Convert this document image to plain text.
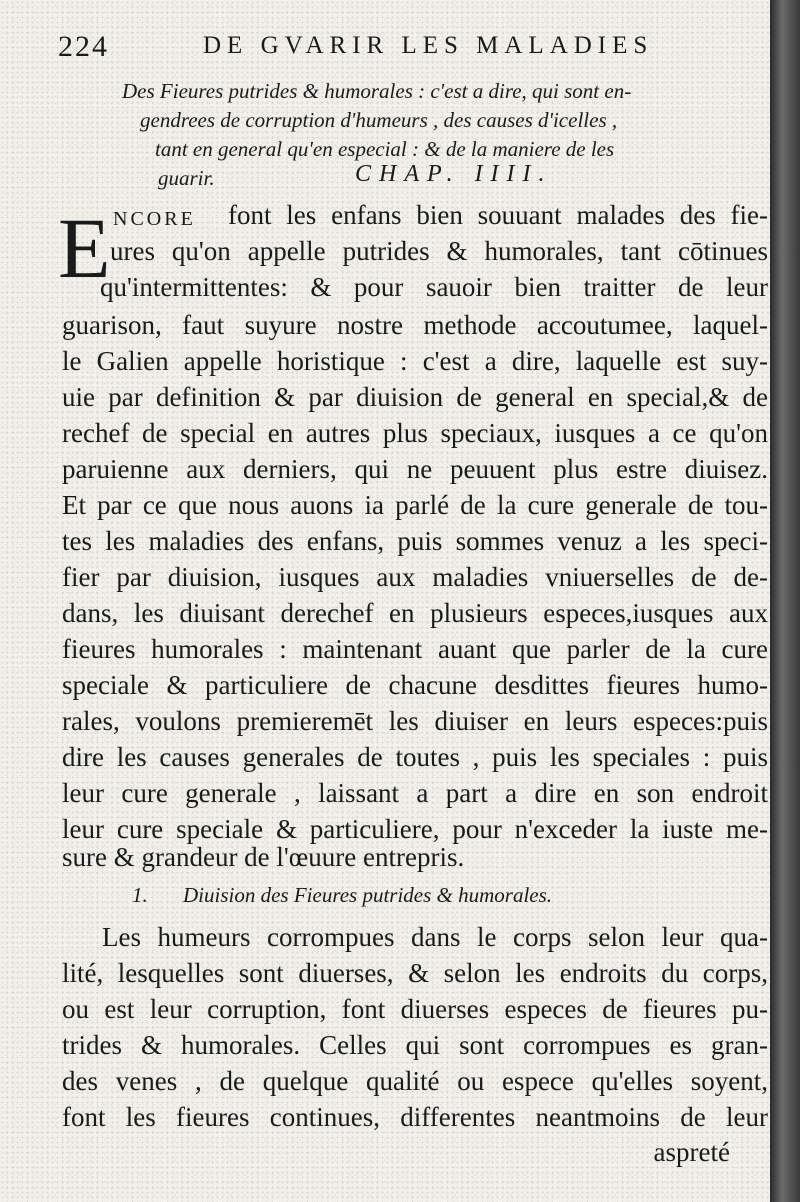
224	DE GVARIR LES MALADIES
Des Fieures putrides & humorales : c'est a dire, qui sont en-
gendrees de corruption d'humeurs , des causes d'icelles ,
tant en general qu'en especial : & de la maniere de les
guarir.	CHAP. IIII.
E NCORE	font les enfans bien souuant malades des fie-
ures qu'on appelle putrides & humorales, tant cōtinues
qu'intermittentes: & pour sauoir bien traitter de leur
guarison, faut suyure nostre methode accoutumee, laquel-
le Galien appelle horistique : c'est a dire, laquelle est suy-
uie par definition & par diuision de general en special,& de
rechef de special en autres plus speciaux, iusques a ce qu'on
paruienne aux derniers, qui ne peuuent plus estre diuisez.
Et par ce que nous auons ia parlé de la cure generale de tou-
tes les maladies des enfans, puis sommes venuz a les speci-
fier par diuision, iusques aux maladies vniuerselles de de-
dans, les diuisant derechef en plusieurs especes,iusques aux
fieures humorales : maintenant auant que parler de la cure
speciale & particuliere de chacune desdittes fieures humo-
rales, voulons premieremēt les diuiser en leurs especes:puis
dire les causes generales de toutes , puis les speciales : puis
leur cure generale , laissant a part a dire en son endroit
leur cure speciale & particuliere, pour n'exceder la iuste me-
sure & grandeur de l'œuure entrepris.
1. Diuision des Fieures putrides & humorales.
Les humeurs corrompues dans le corps selon leur qua-
lité, lesquelles sont diuerses, & selon les endroits du corps,
ou est leur corruption, font diuerses especes de fieures pu-
trides & humorales. Celles qui sont corrompues es gran-
des venes , de quelque qualité ou espece qu'elles soyent,
font les fieures continues, differentes neantmoins de leur
aspreté
